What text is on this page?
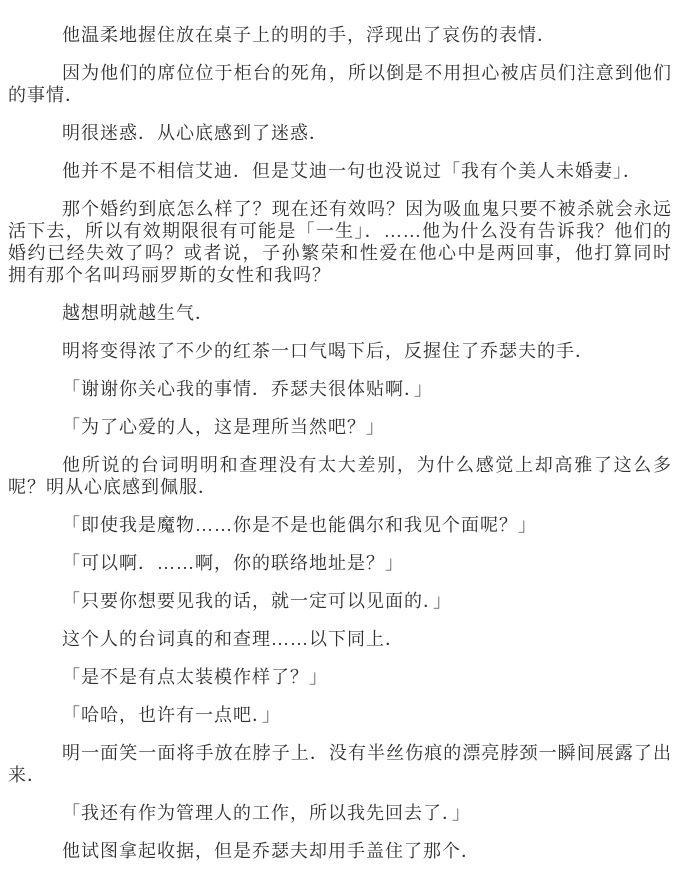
他温柔地握住放在桌子上的明的手，浮现出了哀伤的表情．

因为他们的席位位于柜台的死角，所以倒是不用担心被店员们注意到他们的事情．

明很迷惑．从心底感到了迷惑．

他并不是不相信艾迪．但是艾迪一句也没说过「我有个美人未婚妻」．

那个婚约到底怎么样了？现在还有效吗？因为吸血鬼只要不被杀就会永远活下去，所以有效期限很有可能是「一生」．……他为什么没有告诉我？他们的婚约已经失效了吗？或者说，子孙繁荣和性爱在他心中是两回事，他打算同时拥有那个名叫玛丽罗斯的女性和我吗？

越想明就越生气．

明将变得浓了不少的红茶一口气喝下后，反握住了乔瑟夫的手．

「谢谢你关心我的事情．乔瑟夫很体贴啊．」

「为了心爱的人，这是理所当然吧？」

他所说的台词明明和查理没有太大差别，为什么感觉上却高雅了这么多呢？明从心底感到佩服．

「即使我是魔物……你是不是也能偶尔和我见个面呢？」

「可以啊．……啊，你的联络地址是？」

「只要你想要见我的话，就一定可以见面的．」

这个人的台词真的和查理……以下同上．

「是不是有点太装模作样了？」

「哈哈，也许有一点吧．」

明一面笑一面将手放在脖子上．没有半丝伤痕的漂亮脖颈一瞬间展露了出来．

「我还有作为管理人的工作，所以我先回去了．」

他试图拿起收据，但是乔瑟夫却用手盖住了那个．
